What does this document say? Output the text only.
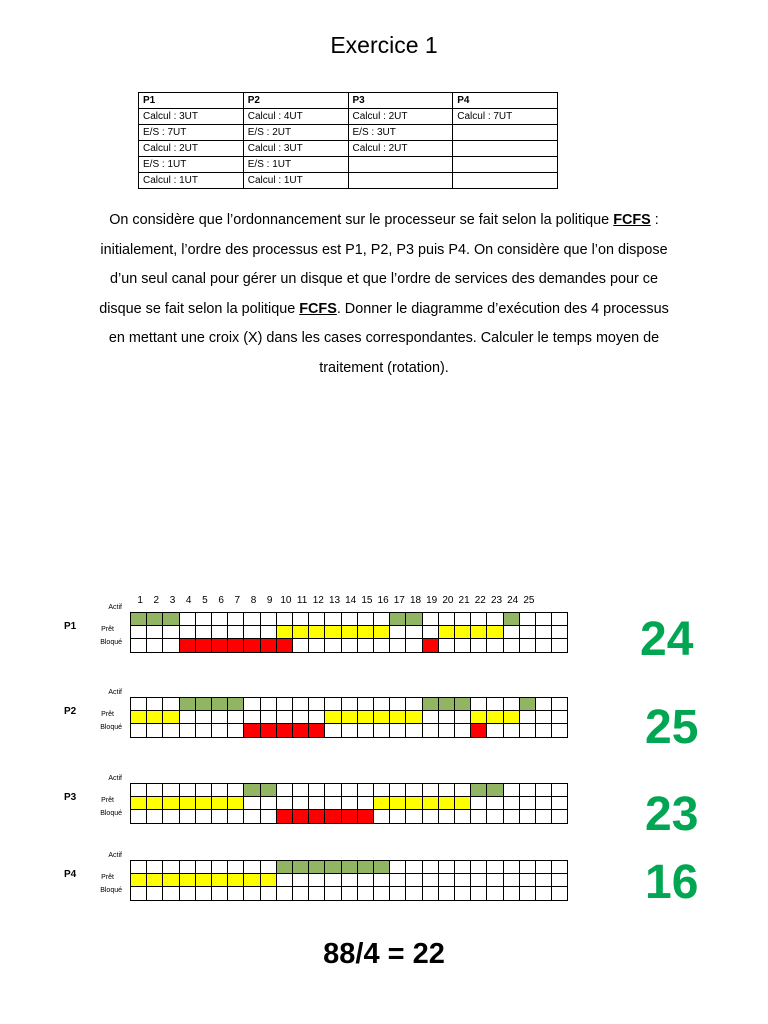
Exercice 1
P1	P2	P3	P4
Calcul : 3UT	Calcul : 4UT	Calcul : 2UT	Calcul : 7UT
E/S : 7UT	E/S : 2UT	E/S : 3UT	
Calcul : 2UT	Calcul : 3UT	Calcul : 2UT	
E/S : 1UT	E/S : 1UT		
Calcul : 1UT	Calcul : 1UT		
On considère que l’ordonnancement sur le processeur se fait selon la politique FCFS : initialement, l’ordre des processus est P1, P2, P3 puis P4. On considère que l’on dispose d’un seul canal pour gérer un disque et que l’ordre de services des demandes pour ce disque se fait selon la politique FCFS. Donner le diagramme d’exécution des 4 processus en mettant une croix (X) dans les cases correspondantes. Calculer le temps moyen de traitement (rotation).
1 2 3 4 5 6 7 8 9 10 11 12 13 14 15 16 17 18 19 20 21 22 23 24 25
Actif
Prêt
Bloqué
P1	24
Actif
Prêt
Bloqué
P2	25
Actif
Prêt
Bloqué
P3	23
Actif
Prêt
Bloqué
P4	16
88/4 = 22
